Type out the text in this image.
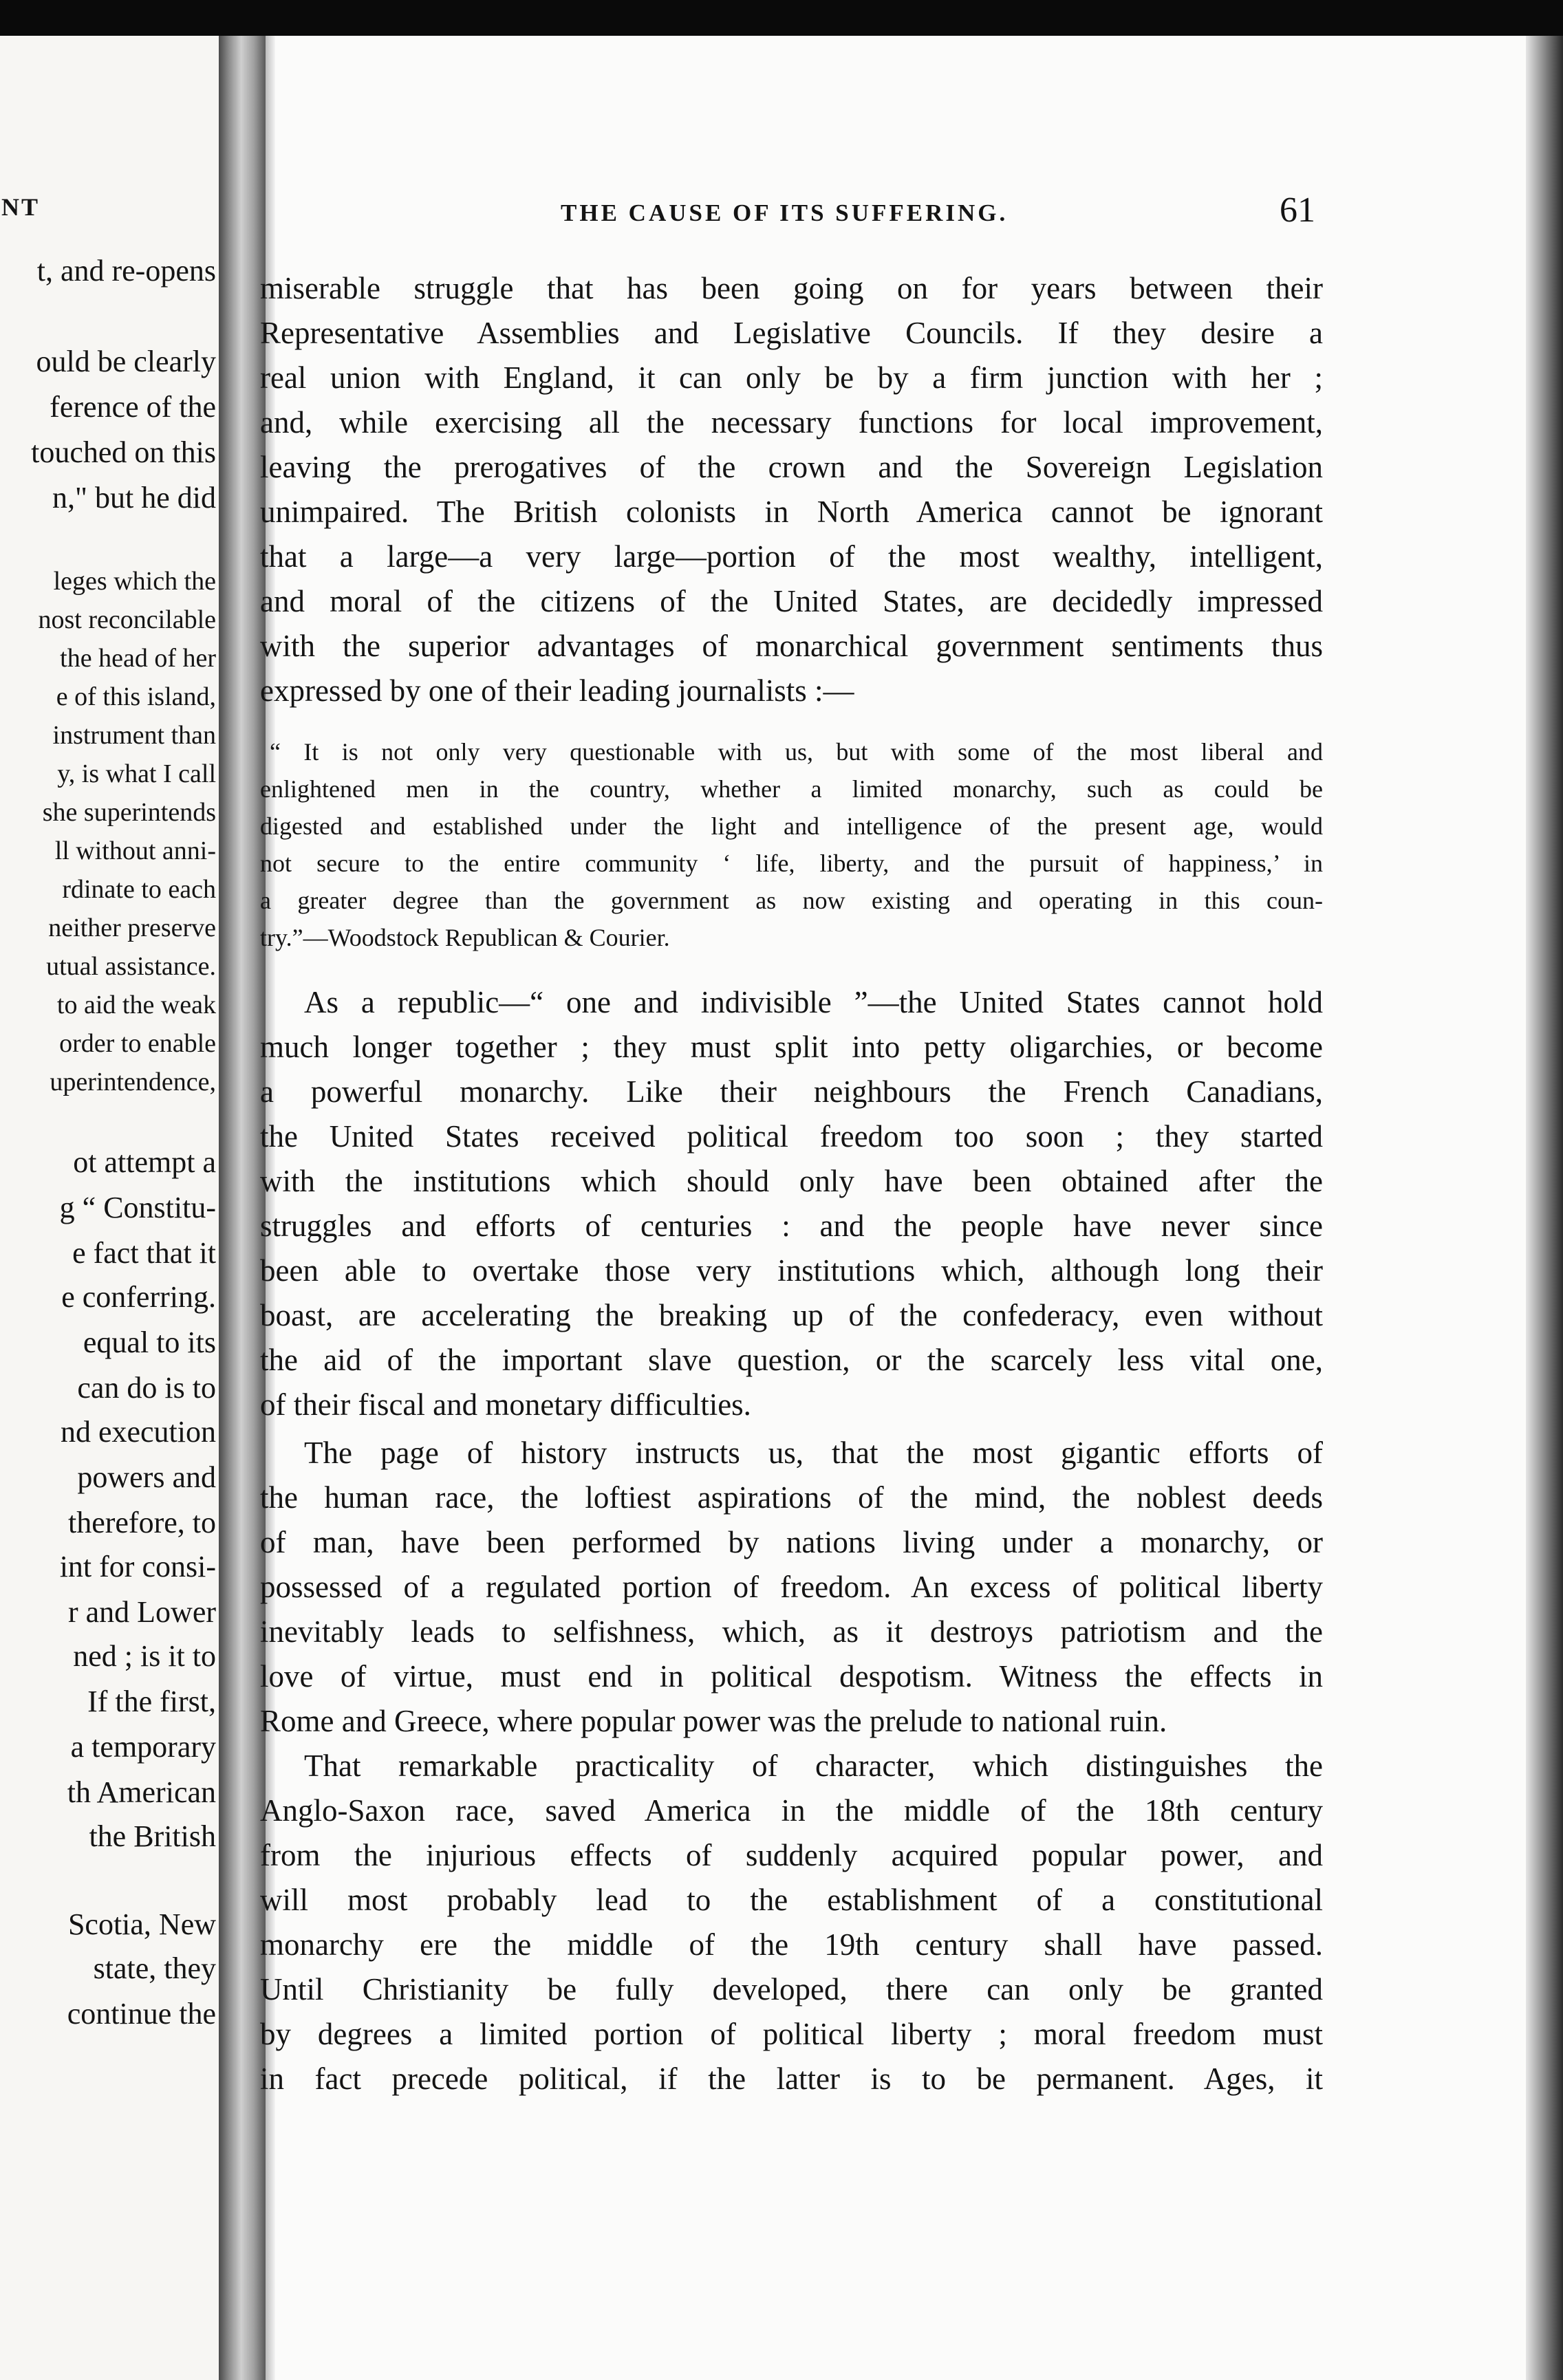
NT
t, and re-opens
ould be clearly
ference of the
touched on this
n," but he did
leges which the
nost reconcilable
the head of her
e of this island,
instrument than
y, is what I call
she superintends
ll without anni-
rdinate to each
neither preserve
utual assistance.
to aid the weak
order to enable
uperintendence,
ot attempt a
g “ Constitu-
e fact that it
e conferring.
equal to its
can do is to
nd execution
powers and
therefore, to
int for consi-
r and Lower
ned ; is it to
If the first,
a temporary
th American
the British
Scotia, New
state, they
continue the
THE CAUSE OF ITS SUFFERING.	61
miserable struggle that has been going on for years between their
Representative Assemblies and Legislative Councils. If they desire a
real union with England, it can only be by a firm junction with her ;
and, while exercising all the necessary functions for local improvement,
leaving the prerogatives of the crown and the Sovereign Legislation
unimpaired. The British colonists in North America cannot be ignorant
that a large—a very large—portion of the most wealthy, intelligent,
and moral of the citizens of the United States, are decidedly impressed
with the superior advantages of monarchical government sentiments thus
expressed by one of their leading journalists :—
“ It is not only very questionable with us, but with some of the most liberal and
enlightened men in the country, whether a limited monarchy, such as could be
digested and established under the light and intelligence of the present age, would
not secure to the entire community ‘ life, liberty, and the pursuit of happiness,’ in
a greater degree than the government as now existing and operating in this coun-
try.”—Woodstock Republican & Courier.
As a republic—“ one and indivisible ”—the United States cannot hold
much longer together ; they must split into petty oligarchies, or become
a powerful monarchy. Like their neighbours the French Canadians,
the United States received political freedom too soon ; they started
with the institutions which should only have been obtained after the
struggles and efforts of centuries : and the people have never since
been able to overtake those very institutions which, although long their
boast, are accelerating the breaking up of the confederacy, even without
the aid of the important slave question, or the scarcely less vital one,
of their fiscal and monetary difficulties.
The page of history instructs us, that the most gigantic efforts of
the human race, the loftiest aspirations of the mind, the noblest deeds
of man, have been performed by nations living under a monarchy, or
possessed of a regulated portion of freedom. An excess of political liberty
inevitably leads to selfishness, which, as it destroys patriotism and the
love of virtue, must end in political despotism. Witness the effects in
Rome and Greece, where popular power was the prelude to national ruin.
That remarkable practicality of character, which distinguishes the
Anglo-Saxon race, saved America in the middle of the 18th century
from the injurious effects of suddenly acquired popular power, and
will most probably lead to the establishment of a constitutional
monarchy ere the middle of the 19th century shall have passed.
Until Christianity be fully developed, there can only be granted
by degrees a limited portion of political liberty ; moral freedom must
in fact precede political, if the latter is to be permanent. Ages, it
